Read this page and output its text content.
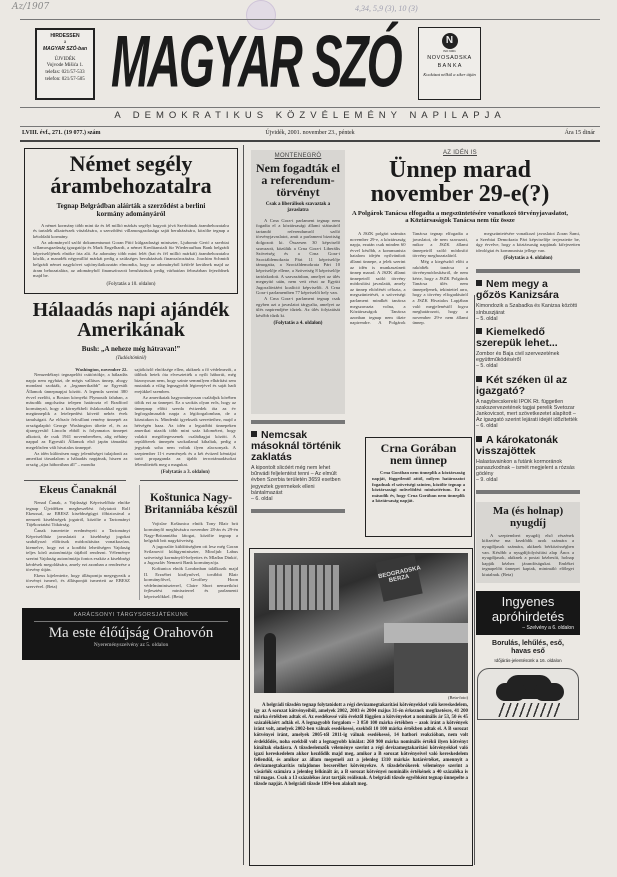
Az/1907	4,34, 5,9 (3), 10 (3)
HIRDESSEN
a
MAGYAR SZÓ-ban
ÚJVIDÉK
Vojvode Mišića 1.
telefax: 021/57-533
telefon: 021/57-505 MAGYAR SZÓ	N
ISO 9001
NOVOSADSKA
B A N K A
Kockázat nélkül a siker útján
A DEMOKRATIKUS KÖZVÉLEMÉNY NAPILAPJA
LVIII. évf., 271. (19 077.) szám	Újvidék, 2001. november 23., péntek	Ára 15 dinár
Német segély árambehozatalra
Tegnap Belgrádban aláírták a szerződést a berlini kormány adományáról

A német kormány több mint tíz és fél millió márkás segélyt hagyott jóvá Szerbiának árambehozatalra és tartalék alkatrészek vásárlására, a szerződést villamosgazdasága saját beruházására, közölte tegnap a kétoldalú kormány.

Az adományról szóló dokumentumot Goran Pitić külgazdasági miniszter, Ljubomir Gerić a szerbiai villamosgazdaság igazgatója és Mark Engelhardt, a német Kreditanstalt für Wiederaufbau Bank belgrádi képviselőjének elnöke írta alá. Az adomány több mint felét (hat és fél millió márkát) árambehozatalra közlik, a maradék négymillió márkát pedig a szükséges beruházások finanszírozására. Joachim Schmidt belgrádi német nagykövet sajtónyilatkozatán elmondta, hogy az adományból kétfelé kerülnek majd az áram behozatalára, az adományból finanszírozott beruházások pedig várhatóan februárban fejeződnek majd be.

(Folytatás a 10. oldalon)
Hálaadás napi ajándék Amerikának
Bush: „A neheze még hátravan!”
(Tudósítónktól)
Washington, november 22.

Nemzedéknyi tegnapelőtt csütörtökje, a hálaadás napja nem egyházi, de mégis vallásos ünnep, ahogy mondani szokták, a „legamerikaibb” az Egyesült Államok ünnepnapjai között. A legenda szerint 380 évvel ezelőtt, a Boston környéki Plymouth faluban, a második angolszász telepen határozta el Bradford kormányzó, hogy a környékbeli őslakosokkal együtt megünneplik a letelepedést követő nehéz évek tanulságait. Az először felcsillant remény ünnepét az országalapító George Washington ültette el, és az újraegyesítő Lincoln ebből is folyamatos ünnepet alkotott, de csak 1941 novemberében, alig néhány nappal az Egyesült Államok első japán támadást megelőzően vált hivatalos ünneppé.

Az idén különösen nagy jelentőséget tulajdonít az amerikai társadalom a hálaadás napjának, hiszen az ország „újra háborúban áll” – mondta

sajtóközlő elnöksége ellen, akiknek a fő védelmezői, a tálibok hetek óta elvesztették a nyílt háborút, még bizonyosan nem, hogy szinte semmilyen elhárítást sem mutattak a világ legnagyobb légierejével és saját hadi erejükkel szemben.

Az amerikaiak hagyományosan családjuk körében töltik ezt az ünnepet. Ez a szokás olyan erős, hogy az ünnepnap előtti szerda évtizedek óta az év legforgalmasabb napja a légiforgalomban, de a közutakon is. Mindenki igyekszik szeretteihez, majd a hétvégén haza. Az idén a legutóbbi ünnepeken amerikai utazók több mint száz kilométert, hogy valakit megöltegessenek családtagjai között. A repülőterek ünnepén szokatlanul kihaltak, pedig a jegyárak soha nem voltak ilyen alacsonyak. A szeptember 11-i események és a két évtized kémiájai tartó propaganda az újabb terrortámadásokat félemlítették meg a magukat.

(Folytatás a 3. oldalon)
Ekeus Čanaknál

Nenad Čanak, a Vajdasági Képviselőház elnöke tegnap Újvidéken megbeszélést folytatott Rolf Ekeussal, az EBESZ kisebbségügyi főbiztosával a nemzeti kisebbségek jogairól, közölte a Tartományi Tájékoztatási Titkárság.

Čanak ismertette eredményeit a Tartományi Képviselőház javaslatait a kisebbségi jogokat szabályozó előírások módosítására vonatkozóan, kiemelve, hogy ezt a korábbi lehetőségen Vajdaság teljes körű autonómiája útjából rendezni. Véleménye szerint Vajdaság autonómiája fontos eszköz a kisebbségi kérdések megoldására, amely ezt azonban a rendezése a törvény útján.

Ekeus kijelentette, hogy álláspontja megegyezik a törvényt ismerő, és állásponját ismerteti az EBESZ szervével. (Beta)

Koštunica Nagy-Britanniába készül

Vojislav Koštunica elnök Tony Blair brit kormányfő meghívására november 28-án és 29-én Nagy-Britanniába látogat, közölte tegnap a belgrádi brit nagykövetség.

A jugoszláv küldöttségben ott lesz még Goran Svilanović külügyminiszter, Miroljub Labus szövetségi kormányfő-helyettes és Mlađan Dinkić, a Jugoszláv Nemzeti Bank kormányzója.

Koštunica elnök Londonban találkozik majd II. Erzsébet királynővel, továbbá Blair kormányfővel, Geoffrey Hoon védelmiminiszterrel, Claire Short nemzetközi fejlesztési miniszterrel és parlamenti képviselőkkel. (Beta)

KARÁCSONYI TÁRGYSORSJÁTÉKUNK
Ma este élőújság Orahovón
Nyereményszelvény az 5. oldalon
MONTENEGRÓ
Nem fogadták el a referendum-törvényt
Csak a liberálisok szavaztak a javaslatra

A Crna Gora-i parlament tegnap nem fogadta el a köztársasági állami státusáról tartandó referendumról szóló törvényjavaslatot, amit a parlament bizottság dolgozott ki. Összesen 30 képviselő szavazott, közülük a Crna Gora-i Liberális Szövetség és a Crna Gora-i Szociáldemokrata Párt 11 képviselője támogatta, a Szociáldemokrata Párt 10 képviselője ellene, a Szövetség 8 képviselője tartózkodott. A szavazásban, amelyet az ülés megnyitó után, nem vett részt az Együtt Jugoszláviáért koalíció képviselői. A Crna Gora-i parlamentben 77 képviselői hely van.

A Crna Gora-i parlament tegnap csak egyben azt a javaslatot tárgyalta, amelyet az ülés napirendjére tűztek. Az ülés folytatását később tűzik ki.

(Folytatás a 4. oldalon)
Nemcsak másoknál történik zaklatás
A kipontolt slicóért még nem lehet bűnvádi feljelentést tenni – Az elmúlt évben Szerbia területén 3659 esetben jegyeztek gyermekek elleni bántalmazást
– 6. oldal
AZ IDÉN IS
Ünnep marad november 29-e(?)
A Polgárok Tanácsa elfogadta a megszüntetésére vonatkozó törvényjavaslatot, a Köztársaságok Tanácsa nem tűz össze

A JSZK polgári számára november 29-e, a köztársaság napja, ezután csak minden 60 évvel később, a kommunista hatalom idején nyilvánított állami ünnepe, a jelek szerint az idén is munkaszüneti ünnep marad. A JSZK állami ünnepeiről szóló törvény módosítási javaslatát, amely az ünnep eltörlését célozta, a megszüntetését, a szövetségi parlament mindkét tanácsa megszavazta volna, a Köztársaságok Tanácsa azonban tegnap nem tűzte napirendre. A Polgárok Tanácsa tegnap elfogadta a javaslatot, de nem szavazott, mikor a JSZK állami ünnepeiről szóló módosító törvény meghozataláról.

Még a kiegészítő előtt a rakódték tanácsa a törvénymódosításról, de nem kérte, hogy a JSZK Polgárok Tanácsa ülés nem ünnepeljenek, tekintettel arra, hogy a törvény elfogadásáról a JSZK Hivatalos Lapjában való megjelenéstől fogva meghatározott, hogy a november 29-e nem állami ünnep.

megszüntetésére vonatkozó javaslatot Zoran Šami, a Szerbiai Demokrata Párt képviselője terjesztette be, úgy érvelve, hogy a köztársaság napjának kifejezetten ideológiai és kommunista jellege van.

(Folytatás a 4. oldalon)
Nem megy a gőzös Kanizsára
Kimondozik a Szabadka és Kanizsa közötti sínbuszjárat
– 5. oldal
Kiemelkedő szerepük lehet...
Zombor és Baja civil szervezetének együttműködéséről
– 5. oldal
Két széken ül az igazgató?
A nagybecskereki IPOK Rt. független szakszervezetének tagjai perelik Svetozar Jankovicsot, mert szövetkezetet alapított – Az igazgató szerint lejárati idejét időzítették
– 6. oldal
A károkatonák visszajöttek
Halastavainkon a futánk kormoránok panaszkodnak – ismét megjelent a rózsás gödény
– 9. oldal
Ma (és holnap) nyugdíj

A szeptemberi nyugdíj első részének kifizetése ma kezdődik azok számára a nyugdíjasok számára, akiknek bérközösségben van. Később a nyugdíjfolyósítási alap Ános a nyugdíjasok, akiknek a postai kézbesíti, holnap kapják kézhez járandóságukat. Emlékei tegnapelőtt ünnepet kaptak, minimáló előleget kiutalnak. (Beta)

Ingyenes
apróhirdetés
– Szelvény a 6. oldalon
Borulás, lehűlés, eső, havas eső
Időjárás-jelentésünk a 16. oldalon
Crna Gorában nem ünnep

Crna Gorában nem ünneplik a köztársaság napját, függetlenül attól, milyen határozatot fogadnak el szövetségi szinten, közölte tegnap a köztársasági művelődési minisztérium. Ez a második év, hogy Crna Gorában nem ünneplik a köztársaság napját.

BEOGRADSKA BERZA
(Beta-foto)

A belgrádi tőzsdén tegnap folytatódott a régi devizamegtakarítási kötvényekkel való kereskedelem, így az A sorozat kötvényeiből, amelyek 2002, 2003 és 2004 május 31-én érkeznek megfizetésre, 41 200 márka értékben adtak el. Az esedékessé váló évektől függően a kötvényeket a nominális ár 53, 50 és 45 százalékáért adták el. A legnagyobb forgalom – 3 850 100 márka értékben – azok iránt a kötvények iránt volt, amelyek 2002-ben válnak esedékessé, ezekből 10 100 márka értékben adtak el. A B sorozat kötvényei iránt, amelyek 2005-től 2011-ig válnak esedékessé, 14 hatbori reakcióban, nem volt érdeklődés, noha ezekből volt a legnagyobb kínálat: 260 900 márka nominális értékű ilyen kötvényt kínáltak eladásra. A tőzsdeelemzők véleménye szerint a régi devizamegtakarítási kötvényekkel való igazi kereskedelem akkor kezdődik majd meg, amikor a B sorozat kötvényeivel való kereskedelem fellendül, és amikor az állam megemeli azt a jelenleg 1310 márkás határértéket, amennyit a devizamegtakarítás tulajdonos becserélhet kötvényekre. A tőzsdebrókerek véleménye szerint a vásárlók számára a jelenleg felkínált ár, a B sorozat kötvényei nominális értékének a 40 százaléka is túl magas. Csak a 13 százalékos árat tartják reálisnak. A belgrádi tőzsde egyébként tegnap ünnepelte a tőzsde napját. A belgrádi tőzsde 1894-ben alakult meg.
